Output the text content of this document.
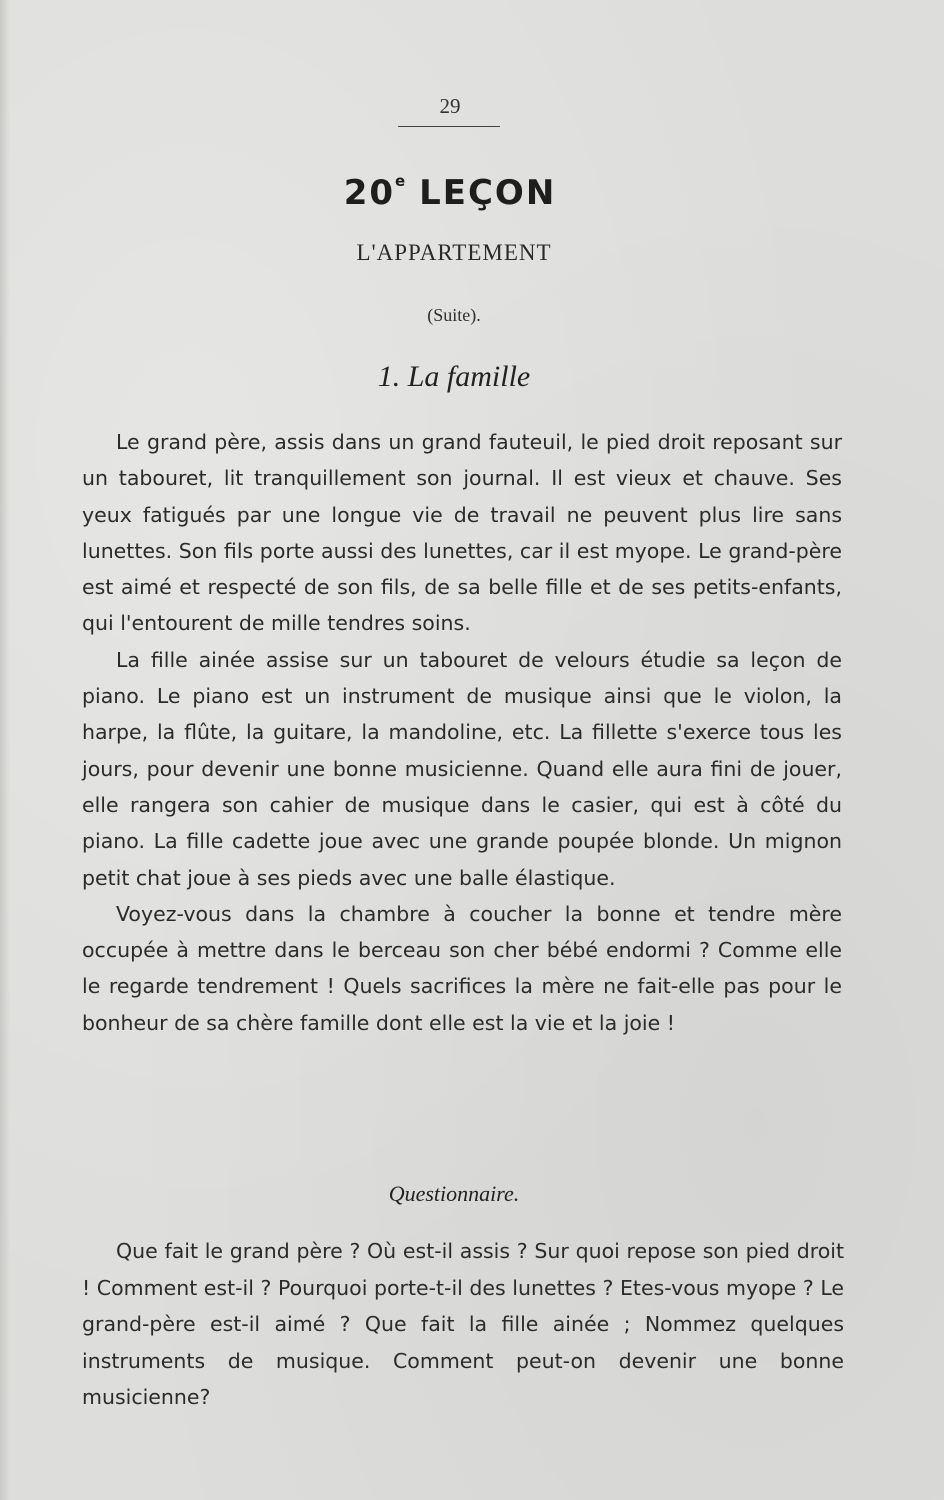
29
20e LEÇON
L'APPARTEMENT
(Suite).
1. La famille

Le grand père, assis dans un grand fauteuil, le pied droit reposant sur un tabouret, lit tranquillement son journal. Il est vieux et chauve. Ses yeux fatigués par une longue vie de travail ne peuvent plus lire sans lunettes. Son fils porte aussi des lunettes, car il est myope. Le grand-père est aimé et respecté de son fils, de sa belle fille et de ses petits-enfants, qui l'entourent de mille tendres soins.

La fille ainée assise sur un tabouret de velours étudie sa leçon de piano. Le piano est un instrument de musique ainsi que le violon, la harpe, la flûte, la guitare, la mandoline, etc. La fillette s'exerce tous les jours, pour devenir une bonne musicienne. Quand elle aura fini de jouer, elle rangera son cahier de musique dans le casier, qui est à côté du piano. La fille cadette joue avec une grande poupée blonde. Un mignon petit chat joue à ses pieds avec une balle élastique.

Voyez-vous dans la chambre à coucher la bonne et tendre mère occupée à mettre dans le berceau son cher bébé endormi ? Comme elle le regarde tendrement ! Quels sacrifices la mère ne fait-elle pas pour le bonheur de sa chère famille dont elle est la vie et la joie !

Questionnaire.

Que fait le grand père ? Où est-il assis ? Sur quoi repose son pied droit ! Comment est-il ? Pourquoi porte-t-il des lunettes ? Etes-vous myope ? Le grand-père est-il aimé ? Que fait la fille ainée ; Nommez quelques instruments de musique. Comment peut-on devenir une bonne musicienne?
